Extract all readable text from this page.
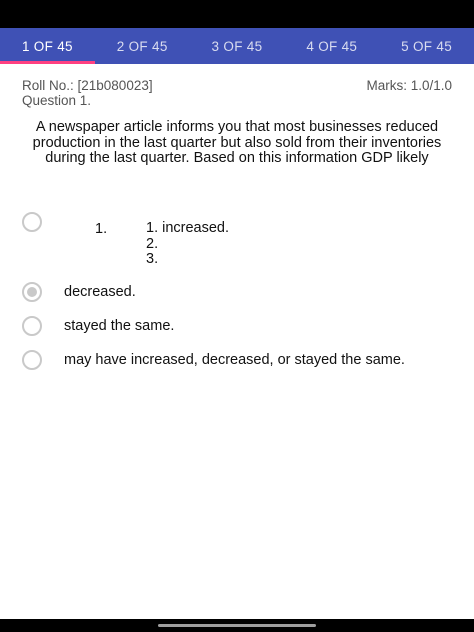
1 OF 45	2 OF 45	3 OF 45	4 OF 45	5 OF 45
Roll No.: [21b080023]
Question 1.
Marks: 1.0/1.0
A newspaper article informs you that most businesses reduced production in the last quarter but also sold from their inventories during the last quarter. Based on this information GDP likely
1.	1. increased.
2.
3.
decreased.
stayed the same.
may have increased, decreased, or stayed the same.
